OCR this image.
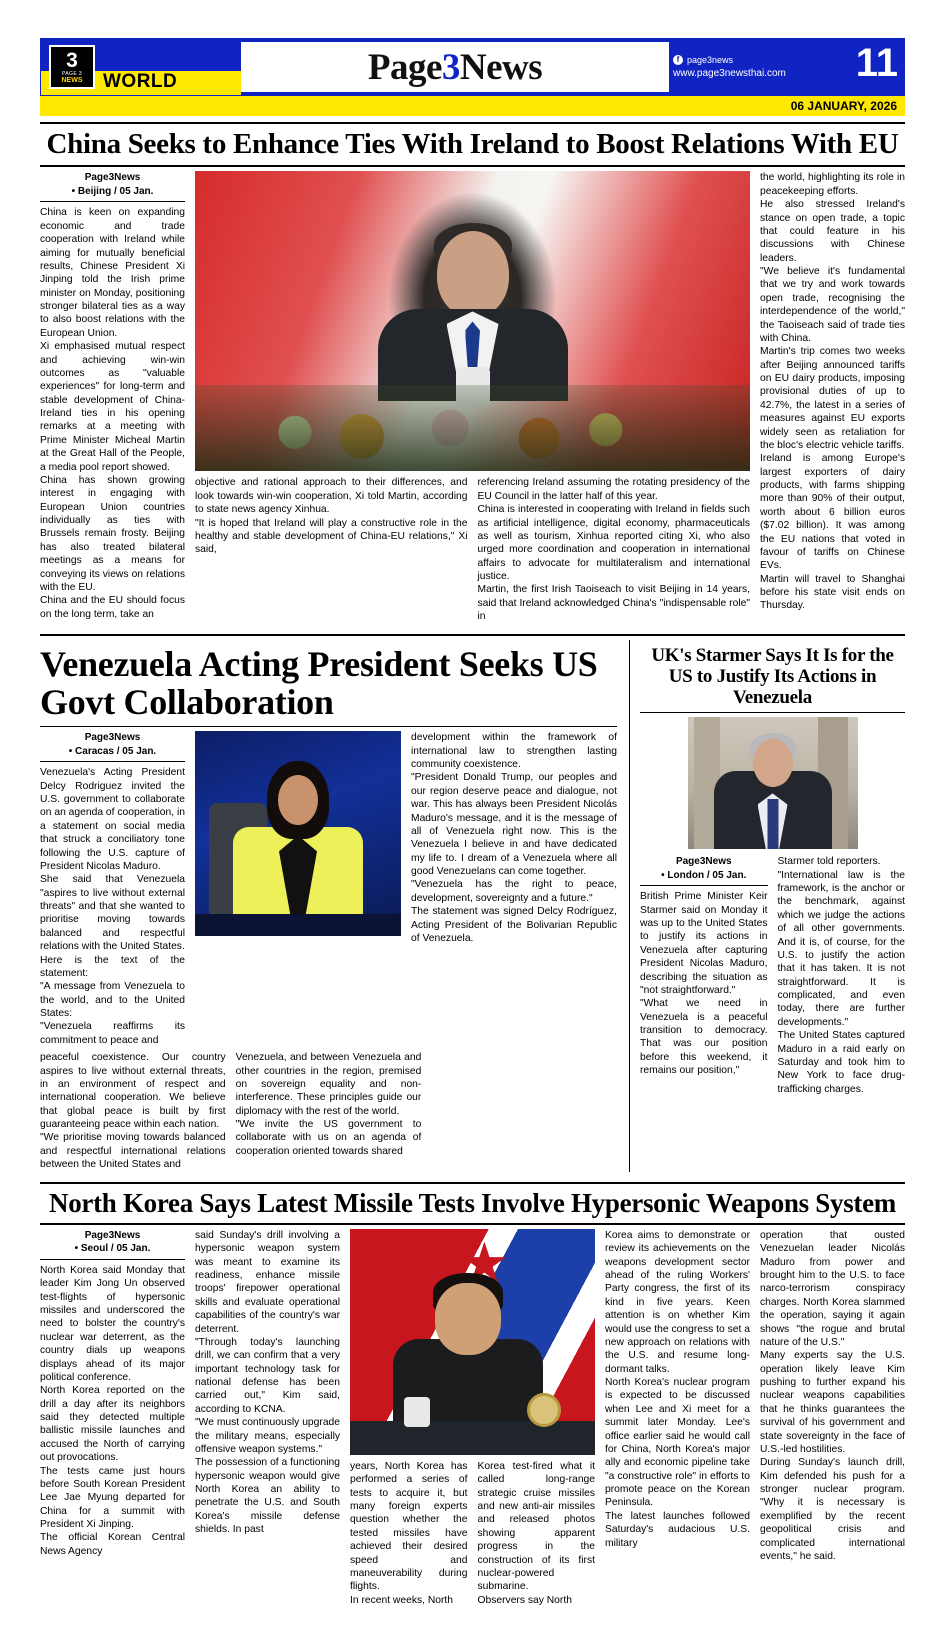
3
PAGE 3
NEWS WORLD	Page3News	f page3news
www.page3newsthai.com	11
06 JANUARY, 2026
China Seeks to Enhance Ties With Ireland to Boost Relations With EU
Page3News
• Beijing / 05 Jan.

China is keen on expanding economic and trade cooperation with Ireland while aiming for mutually beneficial results, Chinese President Xi Jinping told the Irish prime minister on Monday, positioning stronger bilateral ties as a way to also boost relations with the European Union.

Xi emphasised mutual respect and achieving win-win outcomes as "valuable experiences" for long-term and stable development of China-Ireland ties in his opening remarks at a meeting with Prime Minister Micheal Martin at the Great Hall of the People, a media pool report showed.

China has shown growing interest in engaging with European Union countries individually as ties with Brussels remain frosty. Beijing has also treated bilateral meetings as a means for conveying its views on relations with the EU.

China and the EU should focus on the long term, take an

objective and rational approach to their differences, and look towards win-win cooperation, Xi told Martin, according to state news agency Xinhua.

"It is hoped that Ireland will play a constructive role in the healthy and stable development of China-EU relations," Xi said,

referencing Ireland assuming the rotating presidency of the EU Council in the latter half of this year.

China is interested in cooperating with Ireland in fields such as artificial intelligence, digital economy, pharmaceuticals as well as tourism, Xinhua reported citing Xi, who also urged more coordination and cooperation in international affairs to advocate for multilateralism and international justice.

Martin, the first Irish Taoiseach to visit Beijing in 14 years, said that Ireland acknowledged China's "indispensable role" in

the world, highlighting its role in peacekeeping efforts.

He also stressed Ireland's stance on open trade, a topic that could feature in his discussions with Chinese leaders.

"We believe it's fundamental that we try and work towards open trade, recognising the interdependence of the world," the Taoiseach said of trade ties with China.

Martin's trip comes two weeks after Beijing announced tariffs on EU dairy products, imposing provisional duties of up to 42.7%, the latest in a series of measures against EU exports widely seen as retaliation for the bloc's electric vehicle tariffs.

Ireland is among Europe's largest exporters of dairy products, with farms shipping more than 90% of their output, worth about 6 billion euros ($7.02 billion). It was among the EU nations that voted in favour of tariffs on Chinese EVs.

Martin will travel to Shanghai before his state visit ends on Thursday.

Venezuela Acting President Seeks US Govt Collaboration
Page3News
• Caracas / 05 Jan.

Venezuela's Acting President Delcy Rodriguez invited the U.S. government to collaborate on an agenda of cooperation, in a statement on social media that struck a conciliatory tone following the U.S. capture of President Nicolas Maduro.

She said that Venezuela "aspires to live without external threats" and that she wanted to prioritise moving towards balanced and respectful relations with the United States.

Here is the text of the statement:

"A message from Venezuela to the world, and to the United States:

"Venezuela reaffirms its commitment to peace and

development within the framework of international law to strengthen lasting community coexistence.

"President Donald Trump, our peoples and our region deserve peace and dialogue, not war. This has always been President Nicolás Maduro's message, and it is the message of all of Venezuela right now. This is the Venezuela I believe in and have dedicated my life to. I dream of a Venezuela where all good Venezuelans can come together.

"Venezuela has the right to peace, development, sovereignty and a future."

The statement was signed Delcy Rodríguez, Acting President of the Bolivarian Republic of Venezuela.

peaceful coexistence. Our country aspires to live without external threats, in an environment of respect and international cooperation. We believe that global peace is built by first guaranteeing peace within each nation.

"We prioritise moving towards balanced and respectful international relations between the United States and

Venezuela, and between Venezuela and other countries in the region, premised on sovereign equality and non-interference. These principles guide our diplomacy with the rest of the world.

"We invite the US government to collaborate with us on an agenda of cooperation oriented towards shared

UK's Starmer Says It Is for the US to Justify Its Actions in Venezuela
Page3News
• London / 05 Jan.

British Prime Minister Keir Starmer said on Monday it was up to the United States to justify its actions in Venezuela after capturing President Nicolas Maduro, describing the situation as "not straightforward."

"What we need in Venezuela is a peaceful transition to democracy. That was our position before this weekend, it remains our position,"

Starmer told reporters.

"International law is the framework, is the anchor or the benchmark, against which we judge the actions of all other governments. And it is, of course, for the U.S. to justify the action that it has taken. It is not straightforward. It is complicated, and even today, there are further developments."

The United States captured Maduro in a raid early on Saturday and took him to New York to face drug-trafficking charges.

North Korea Says Latest Missile Tests Involve Hypersonic Weapons System
Page3News
• Seoul / 05 Jan.

North Korea said Monday that leader Kim Jong Un observed test-flights of hypersonic missiles and underscored the need to bolster the country's nuclear war deterrent, as the country dials up weapons displays ahead of its major political conference.

North Korea reported on the drill a day after its neighbors said they detected multiple ballistic missile launches and accused the North of carrying out provocations.

The tests came just hours before South Korean President Lee Jae Myung departed for China for a summit with President Xi Jinping.

The official Korean Central News Agency

said Sunday's drill involving a hypersonic weapon system was meant to examine its readiness, enhance missile troops' firepower operational skills and evaluate operational capabilities of the country's war deterrent.

"Through today's launching drill, we can confirm that a very important technology task for national defense has been carried out," Kim said, according to KCNA.

"We must continuously upgrade the military means, especially offensive weapon systems."

The possession of a functioning hypersonic weapon would give North Korea an ability to penetrate the U.S. and South Korea's missile defense shields. In past

years, North Korea has performed a series of tests to acquire it, but many foreign experts question whether the tested missiles have achieved their desired speed and maneuverability during flights.

In recent weeks, North

Korea test-fired what it called long-range strategic cruise missiles and new anti-air missiles and released photos showing apparent progress in the construction of its first nuclear-powered submarine.

Observers say North

Korea aims to demonstrate or review its achievements on the weapons development sector ahead of the ruling Workers' Party congress, the first of its kind in five years. Keen attention is on whether Kim would use the congress to set a new approach on relations with the U.S. and resume long-dormant talks.

North Korea's nuclear program is expected to be discussed when Lee and Xi meet for a summit later Monday. Lee's office earlier said he would call for China, North Korea's major ally and economic pipeline take "a constructive role" in efforts to promote peace on the Korean Peninsula.

The latest launches followed Saturday's audacious U.S. military

operation that ousted Venezuelan leader Nicolás Maduro from power and brought him to the U.S. to face narco-terrorism conspiracy charges. North Korea slammed the operation, saying it again shows "the rogue and brutal nature of the U.S."

Many experts say the U.S. operation likely leave Kim pushing to further expand his nuclear weapons capabilities that he thinks guarantees the survival of his government and state sovereignty in the face of U.S.-led hostilities.

During Sunday's launch drill, Kim defended his push for a stronger nuclear program. "Why it is necessary is exemplified by the recent geopolitical crisis and complicated international events," he said.
